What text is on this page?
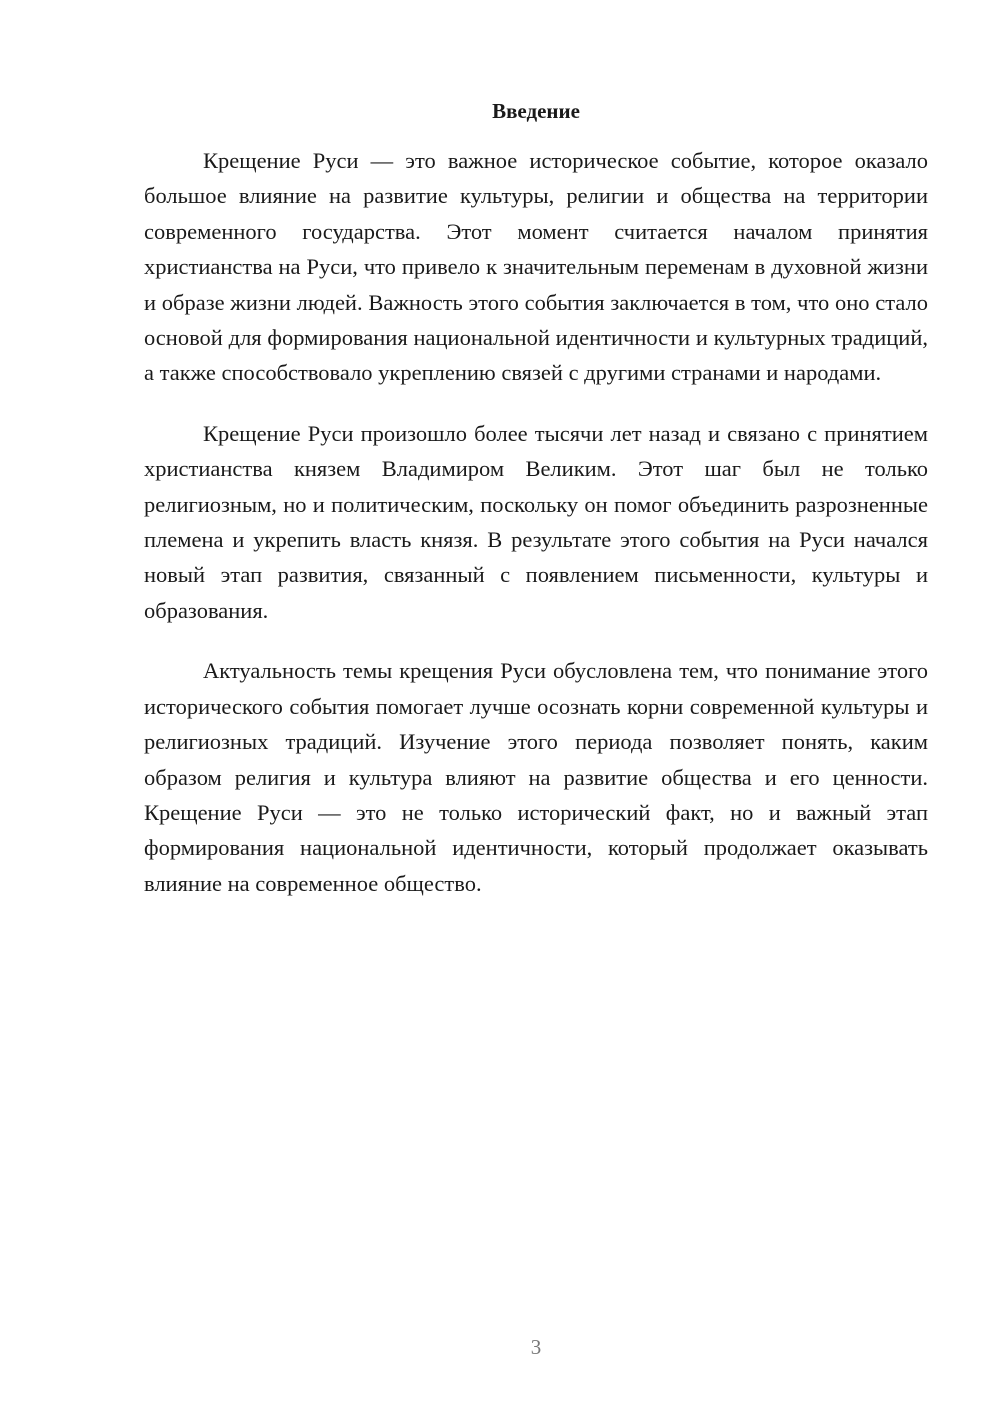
Введение

Крещение Руси — это важное историческое событие, которое оказало большое влияние на развитие культуры, религии и общества на территории современного государства. Этот момент считается началом принятия христианства на Руси, что привело к значительным переменам в духовной жизни и образе жизни людей. Важность этого события заключается в том, что оно стало основой для формирования национальной идентичности и культурных традиций, а также способствовало укреплению связей с другими странами и народами.

Крещение Руси произошло более тысячи лет назад и связано с принятием христианства князем Владимиром Великим. Этот шаг был не только религиозным, но и политическим, поскольку он помог объединить разрозненные племена и укрепить власть князя. В результате этого события на Руси начался новый этап развития, связанный с появлением письменности, культуры и образования.

Актуальность темы крещения Руси обусловлена тем, что понимание этого исторического события помогает лучше осознать корни современной культуры и религиозных традиций. Изучение этого периода позволяет понять, каким образом религия и культура влияют на развитие общества и его ценности. Крещение Руси — это не только исторический факт, но и важный этап формирования национальной идентичности, который продолжает оказывать влияние на современное общество.

3
